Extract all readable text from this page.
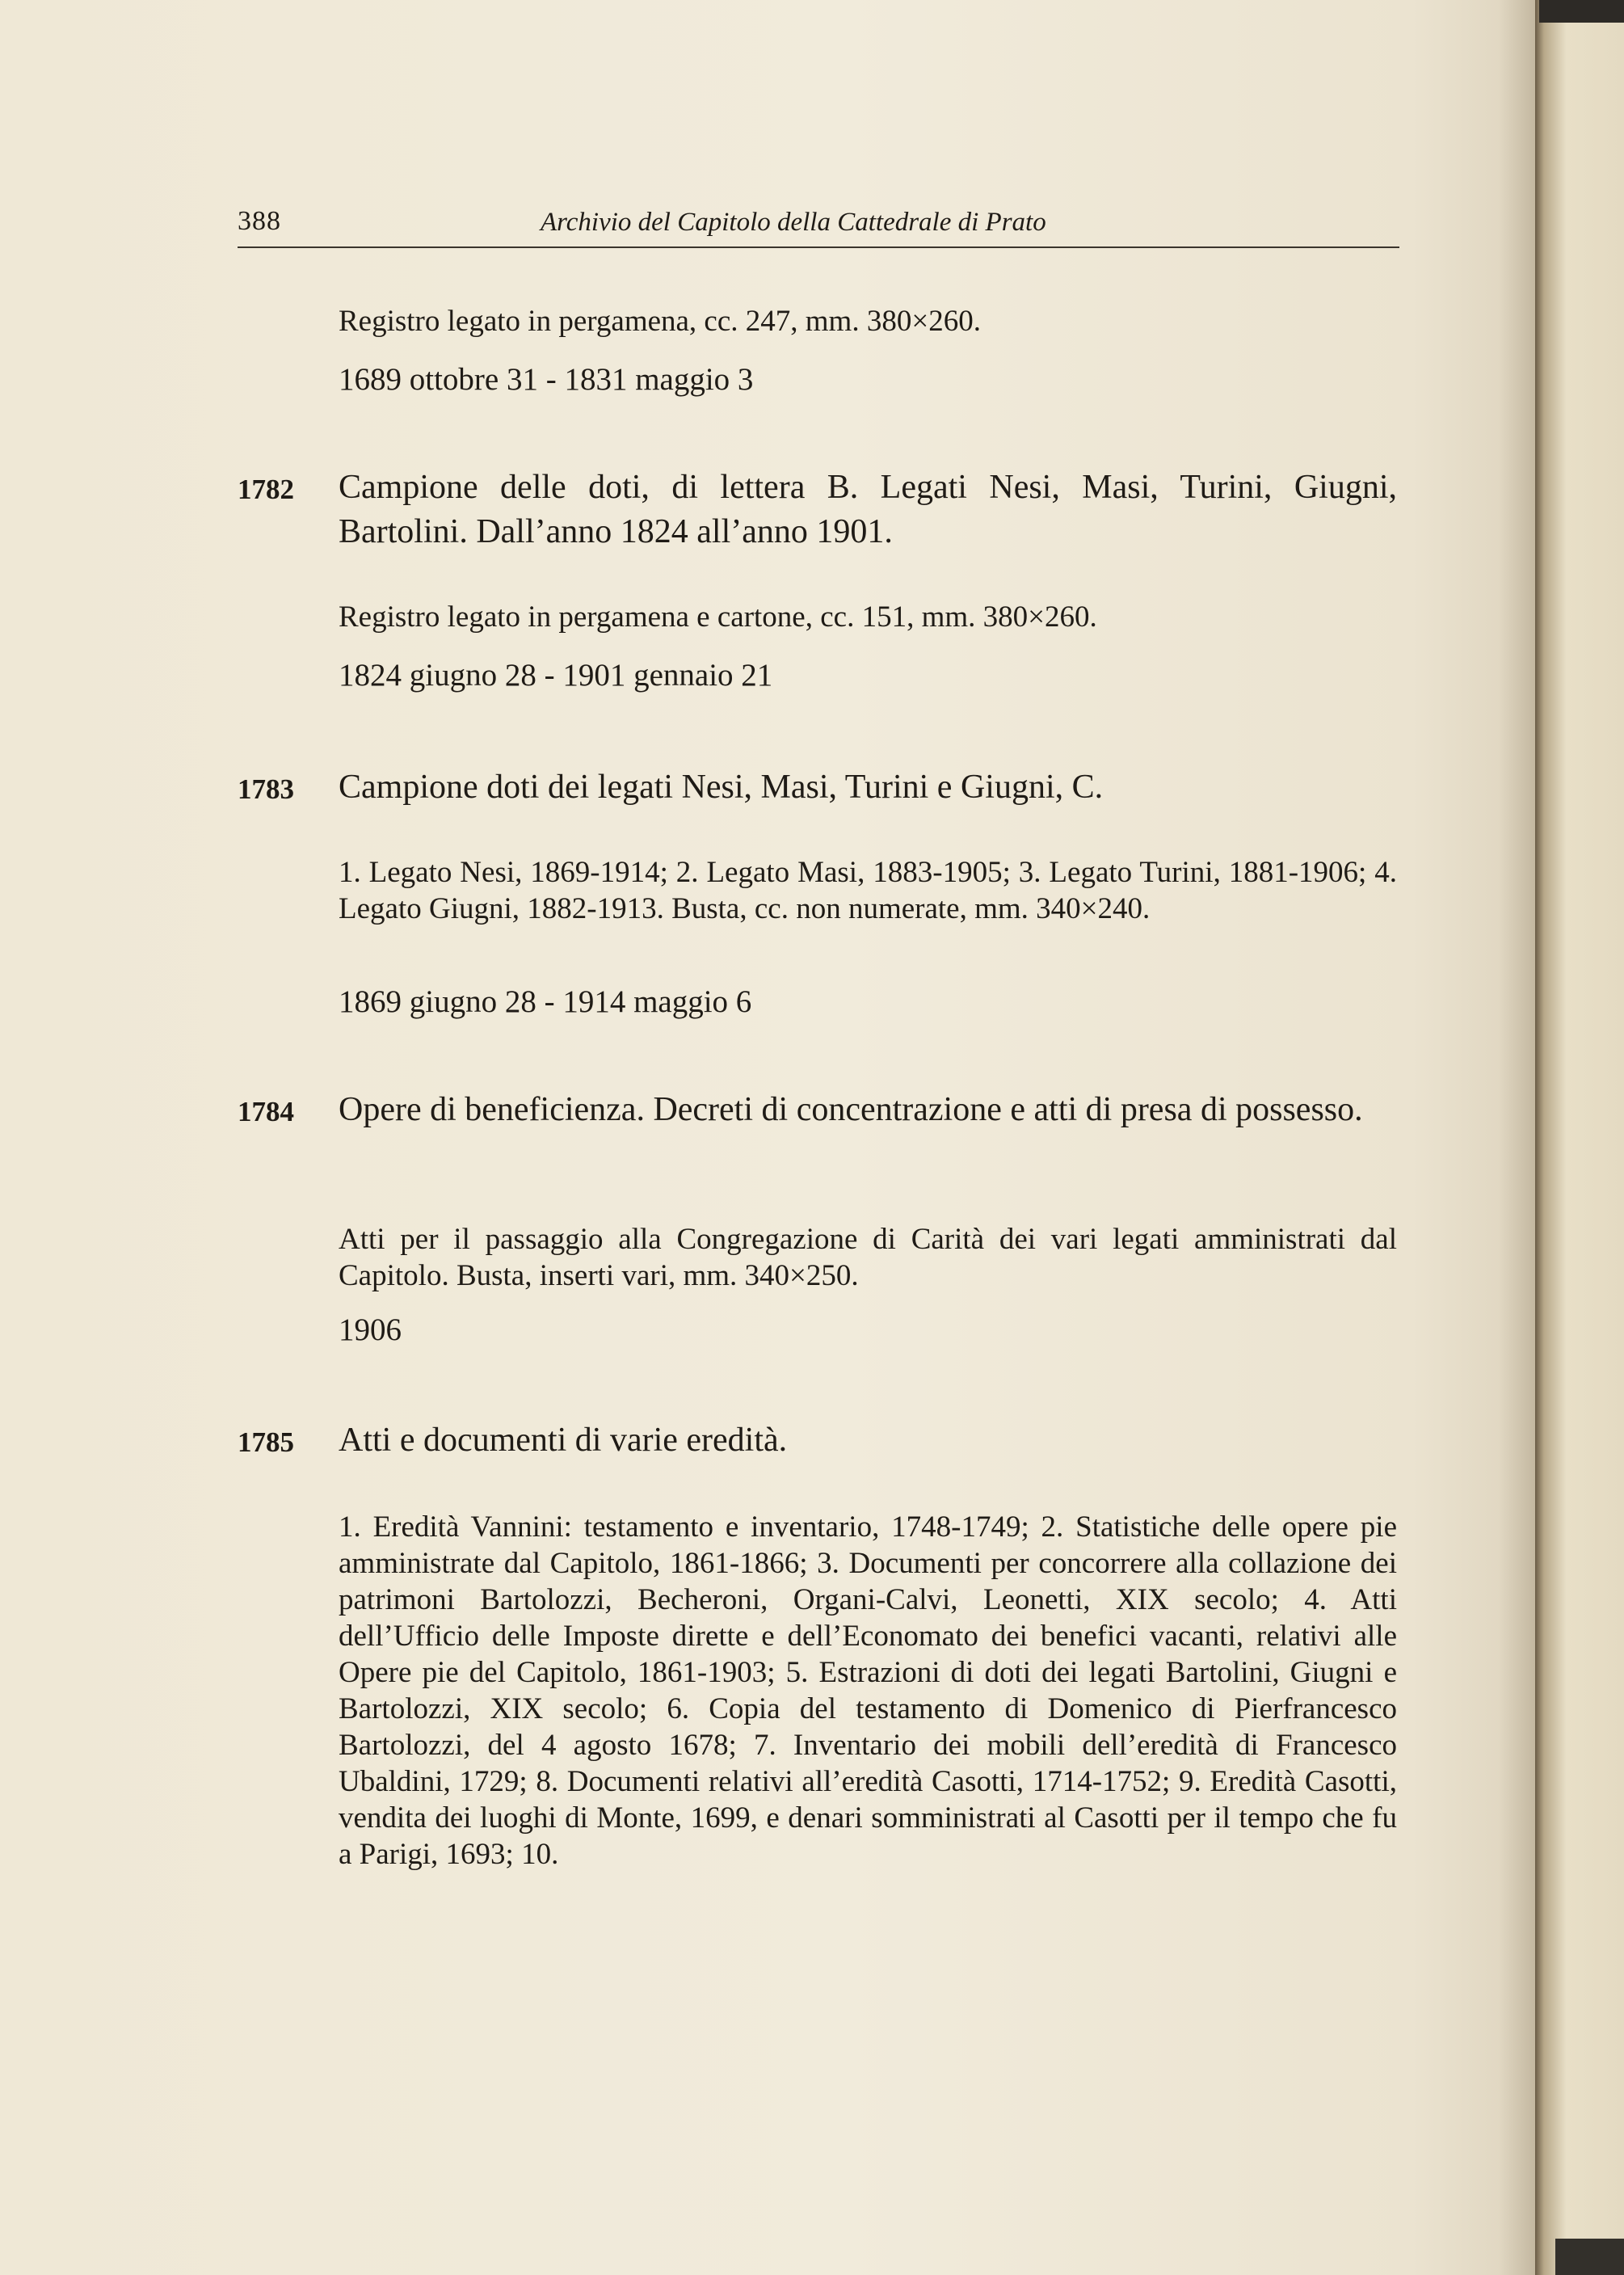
388	Archivio del Capitolo della Cattedrale di Prato
Registro legato in pergamena, cc. 247, mm. 380×260.
1689 ottobre 31 - 1831 maggio 3
1782 Campione delle doti, di lettera B. Legati Nesi, Masi, Turini, Giugni, Bartolini. Dall’anno 1824 all’anno 1901.
Registro legato in pergamena e cartone, cc. 151, mm. 380×260.
1824 giugno 28 - 1901 gennaio 21
1783 Campione doti dei legati Nesi, Masi, Turini e Giugni, C.
1. Legato Nesi, 1869-1914; 2. Legato Masi, 1883-1905; 3. Legato Turini, 1881-1906; 4. Legato Giugni, 1882-1913. Busta, cc. non numerate, mm. 340×240.
1869 giugno 28 - 1914 maggio 6
1784 Opere di beneficienza. Decreti di concentrazione e atti di presa di possesso.
Atti per il passaggio alla Congregazione di Carità dei vari legati amministrati dal Capitolo. Busta, inserti vari, mm. 340×250.
1906
1785 Atti e documenti di varie eredità.
1. Eredità Vannini: testamento e inventario, 1748-1749; 2. Statistiche delle opere pie amministrate dal Capitolo, 1861-1866; 3. Documenti per concorrere alla collazione dei patrimoni Bartolozzi, Becheroni, Organi-Calvi, Leonetti, XIX secolo; 4. Atti dell’Ufficio delle Imposte dirette e dell’Economato dei benefici vacanti, relativi alle Opere pie del Capitolo, 1861-1903; 5. Estrazioni di doti dei legati Bartolini, Giugni e Bartolozzi, XIX secolo; 6. Copia del testamento di Domenico di Pierfrancesco Bartolozzi, del 4 agosto 1678; 7. Inventario dei mobili dell’eredità di Francesco Ubaldini, 1729; 8. Documenti relativi all’eredità Casotti, 1714-1752; 9. Eredità Casotti, vendita dei luoghi di Monte, 1699, e denari somministrati al Casotti per il tempo che fu a Parigi, 1693; 10.
